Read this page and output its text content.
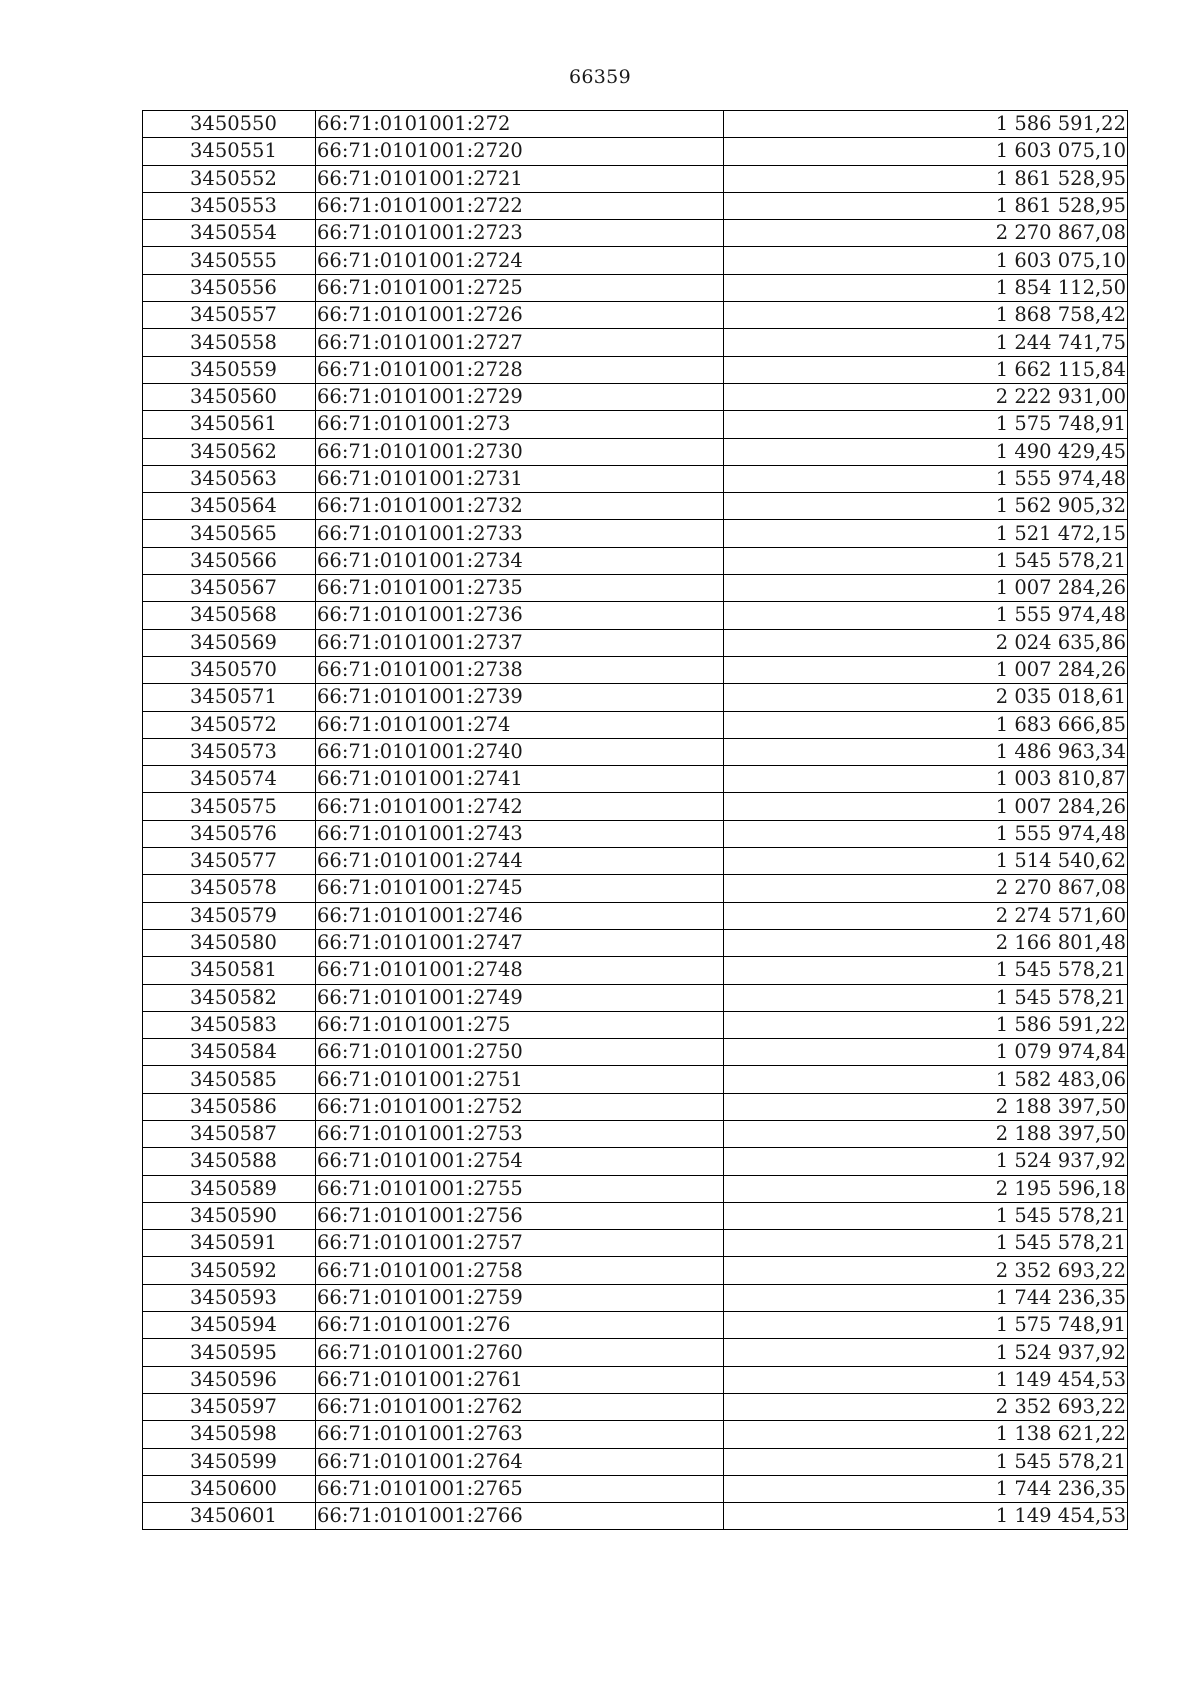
66359
3450550	66:71:0101001:272	1 586 591,22
3450551	66:71:0101001:2720	1 603 075,10
3450552	66:71:0101001:2721	1 861 528,95
3450553	66:71:0101001:2722	1 861 528,95
3450554	66:71:0101001:2723	2 270 867,08
3450555	66:71:0101001:2724	1 603 075,10
3450556	66:71:0101001:2725	1 854 112,50
3450557	66:71:0101001:2726	1 868 758,42
3450558	66:71:0101001:2727	1 244 741,75
3450559	66:71:0101001:2728	1 662 115,84
3450560	66:71:0101001:2729	2 222 931,00
3450561	66:71:0101001:273	1 575 748,91
3450562	66:71:0101001:2730	1 490 429,45
3450563	66:71:0101001:2731	1 555 974,48
3450564	66:71:0101001:2732	1 562 905,32
3450565	66:71:0101001:2733	1 521 472,15
3450566	66:71:0101001:2734	1 545 578,21
3450567	66:71:0101001:2735	1 007 284,26
3450568	66:71:0101001:2736	1 555 974,48
3450569	66:71:0101001:2737	2 024 635,86
3450570	66:71:0101001:2738	1 007 284,26
3450571	66:71:0101001:2739	2 035 018,61
3450572	66:71:0101001:274	1 683 666,85
3450573	66:71:0101001:2740	1 486 963,34
3450574	66:71:0101001:2741	1 003 810,87
3450575	66:71:0101001:2742	1 007 284,26
3450576	66:71:0101001:2743	1 555 974,48
3450577	66:71:0101001:2744	1 514 540,62
3450578	66:71:0101001:2745	2 270 867,08
3450579	66:71:0101001:2746	2 274 571,60
3450580	66:71:0101001:2747	2 166 801,48
3450581	66:71:0101001:2748	1 545 578,21
3450582	66:71:0101001:2749	1 545 578,21
3450583	66:71:0101001:275	1 586 591,22
3450584	66:71:0101001:2750	1 079 974,84
3450585	66:71:0101001:2751	1 582 483,06
3450586	66:71:0101001:2752	2 188 397,50
3450587	66:71:0101001:2753	2 188 397,50
3450588	66:71:0101001:2754	1 524 937,92
3450589	66:71:0101001:2755	2 195 596,18
3450590	66:71:0101001:2756	1 545 578,21
3450591	66:71:0101001:2757	1 545 578,21
3450592	66:71:0101001:2758	2 352 693,22
3450593	66:71:0101001:2759	1 744 236,35
3450594	66:71:0101001:276	1 575 748,91
3450595	66:71:0101001:2760	1 524 937,92
3450596	66:71:0101001:2761	1 149 454,53
3450597	66:71:0101001:2762	2 352 693,22
3450598	66:71:0101001:2763	1 138 621,22
3450599	66:71:0101001:2764	1 545 578,21
3450600	66:71:0101001:2765	1 744 236,35
3450601	66:71:0101001:2766	1 149 454,53
